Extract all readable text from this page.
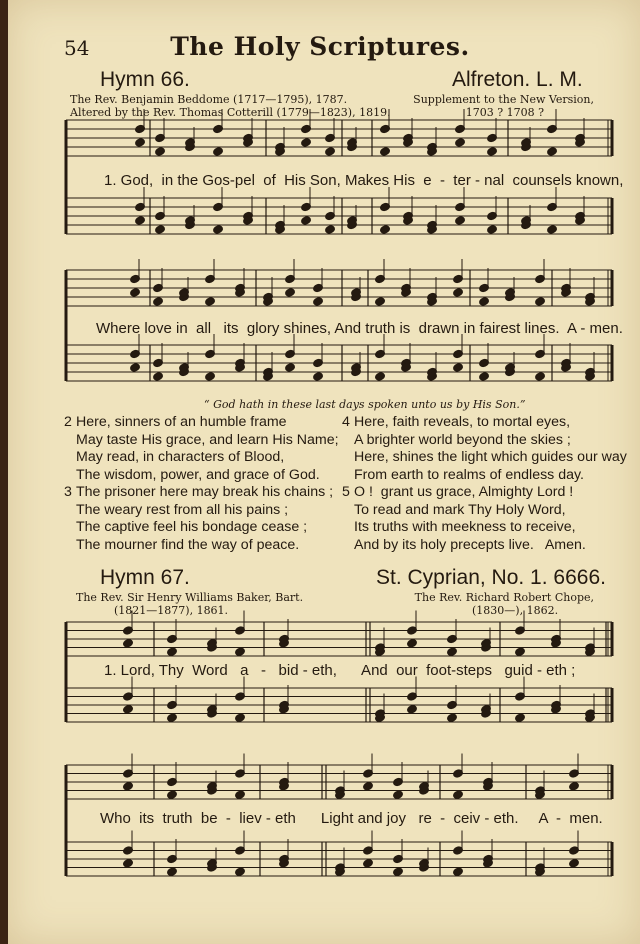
54	The Holy Scriptures.
Hymn 66.
The Rev. Benjamin Beddome (1717—1795), 1787.
Altered by the Rev. Thomas Cotterill (1779—1823), 1819.
Alfreton. L. M.
Supplement to the New Version,
1703 ? 1708 ?
1. God,  in the Gos-pel  of  His Son, Makes His  e  -  ter - nal  counsels known,
Where love in  all   its  glory shines, And truth is  drawn in fairest lines.  A - men.
“ God hath in these last days spoken unto us by His Son.”
2 Here, sinners of an humble frame
May taste His grace, and learn His Name;
May read, in characters of Blood,
The wisdom, power, and grace of God.
3 The prisoner here may break his chains ;
The weary rest from all his pains ;
The captive feel his bondage cease ;
The mourner find the way of peace.
4 Here, faith reveals, to mortal eyes,
A brighter world beyond the skies ;
Here, shines the light which guides our way
From earth to realms of endless day.
5 O !  grant us grace, Almighty Lord !
To read and mark Thy Holy Word,
Its truths with meekness to receive,
And by its holy precepts live.   Amen.
Hymn 67.
The Rev. Sir Henry Williams Baker, Bart.
(1821—1877), 1861.
St. Cyprian, No. 1. 6666.
The Rev. Richard Robert Chope,
(1830—), 1862.
1. Lord, Thy  Word   a   -   bid - eth,      And  our  foot-steps   guid - eth ;
Who  its  truth  be  -  liev - eth      Light and joy   re  -  ceiv - eth.     A  -  men.
